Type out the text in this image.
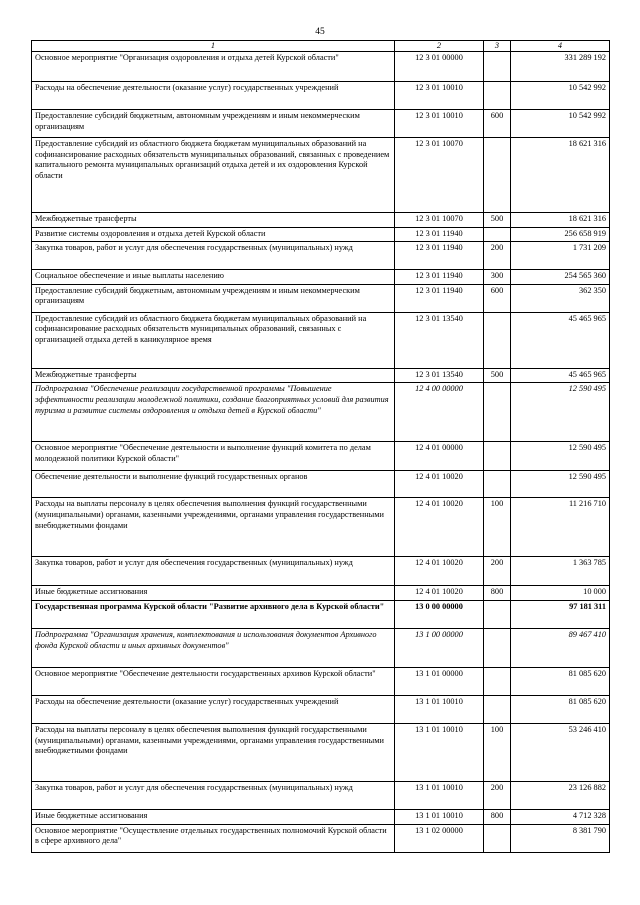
45
1	2	3	4
Основное мероприятие "Организация оздоровления и отдыха детей Курской области"	12 3 01 00000		331 289 192
Расходы на обеспечение деятельности (оказание услуг) государственных учреждений	12 3 01 10010		10 542 992
Предоставление субсидий бюджетным, автономным учреждениям и иным некоммерческим организациям	12 3 01 10010	600	10 542 992
Предоставление субсидий из областного бюджета бюджетам муниципальных образований на софинансирование расходных обязательств муниципальных образований, связанных с проведением капитального ремонта муниципальных организаций отдыха детей и их оздоровления Курской области	12 3 01 10070		18 621 316
Межбюджетные трансферты	12 3 01 10070	500	18 621 316
Развитие системы оздоровления и отдыха детей Курской области	12 3 01 11940		256 658 919
Закупка товаров, работ и услуг для обеспечения государственных (муниципальных) нужд	12 3 01 11940	200	1 731 209
Социальное обеспечение и иные выплаты населению	12 3 01 11940	300	254 565 360
Предоставление субсидий бюджетным, автономным учреждениям и иным некоммерческим организациям	12 3 01 11940	600	362 350
Предоставление субсидий из областного бюджета бюджетам муниципальных образований на софинансирование расходных обязательств муниципальных образований, связанных с организацией отдыха детей в каникулярное время	12 3 01 13540		45 465 965
Межбюджетные трансферты	12 3 01 13540	500	45 465 965
Подпрограмма "Обеспечение реализации государственной программы "Повышение эффективности реализации молодежной политики, создание благоприятных условий для развития туризма и развитие системы оздоровления и отдыха детей в Курской области"	12 4 00 00000		12 590 495
Основное мероприятие "Обеспечение деятельности и выполнение функций комитета по делам молодежной политики Курской области"	12 4 01 00000		12 590 495
Обеспечение деятельности и выполнение функций государственных органов	12 4 01 10020		12 590 495
Расходы на выплаты персоналу в целях обеспечения выполнения функций государственными (муниципальными) органами, казенными учреждениями, органами управления государственными внебюджетными фондами	12 4 01 10020	100	11 216 710
Закупка товаров, работ и услуг для обеспечения государственных (муниципальных) нужд	12 4 01 10020	200	1 363 785
Иные бюджетные ассигнования	12 4 01 10020	800	10 000
Государственная программа Курской области "Развитие архивного дела в Курской области"	13 0 00 00000		97 181 311
Подпрограмма "Организация хранения, комплектования и использования документов Архивного фонда Курской области и иных архивных документов"	13 1 00 00000		89 467 410
Основное мероприятие "Обеспечение деятельности государственных архивов Курской области"	13 1 01 00000		81 085 620
Расходы на обеспечение деятельности (оказание услуг) государственных учреждений	13 1 01 10010		81 085 620
Расходы на выплаты персоналу в целях обеспечения выполнения функций государственными (муниципальными) органами, казенными учреждениями, органами управления государственными внебюджетными фондами	13 1 01 10010	100	53 246 410
Закупка товаров, работ и услуг для обеспечения государственных (муниципальных) нужд	13 1 01 10010	200	23 126 882
Иные бюджетные ассигнования	13 1 01 10010	800	4 712 328
Основное мероприятие "Осуществление отдельных государственных полномочий Курской области в сфере архивного дела"	13 1 02 00000		8 381 790
